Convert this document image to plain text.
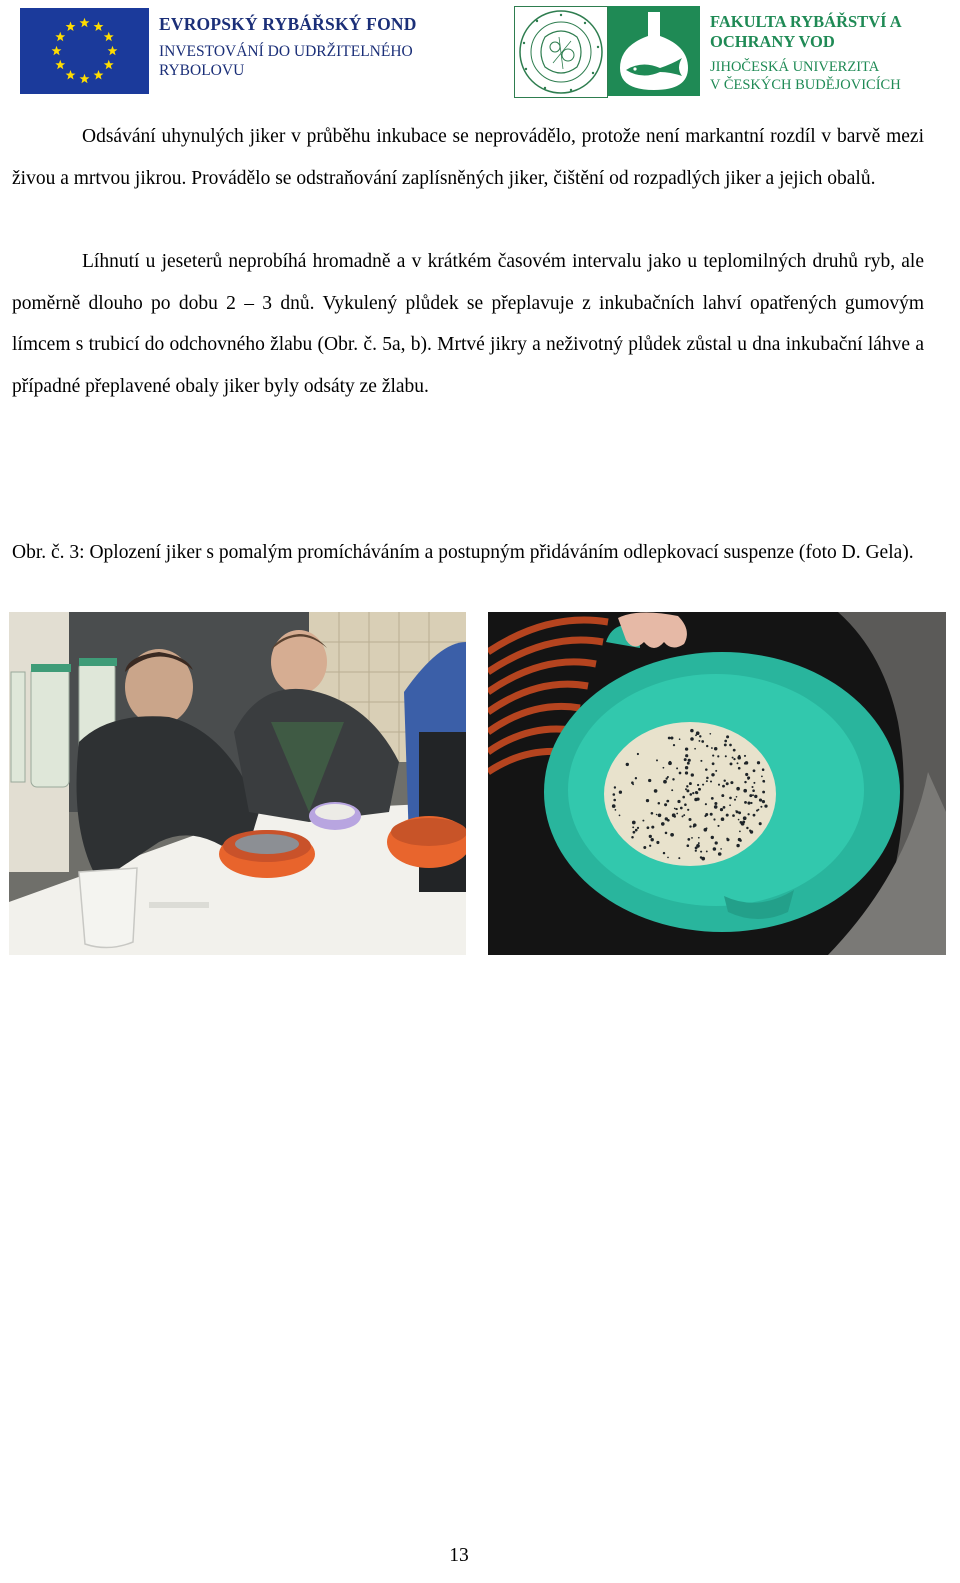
EVROPSKÝ RYBÁŘSKÝ FOND
INVESTOVÁNÍ DO UDRŽITELNÉHO
RYBOLOVU
FAKULTA RYBÁŘSTVÍ A
OCHRANY VOD
JIHOČESKÁ UNIVERZITA
V ČESKÝCH BUDĚJOVICÍCH

Odsávání uhynulých jiker v průběhu inkubace se neprovádělo, protože není markantní rozdíl v barvě mezi živou a mrtvou jikrou. Provádělo se odstraňování zaplísněných jiker, čištění od rozpadlých jiker a jejich obalů.

Líhnutí u jeseterů neprobíhá hromadně a v krátkém časovém intervalu jako u teplomilných druhů ryb, ale poměrně dlouho po dobu 2 – 3 dnů. Vykulený plůdek se přeplavuje z inkubačních lahví opatřených gumovým límcem s trubicí do odchovného žlabu (Obr. č. 5a, b). Mrtvé jikry a neživotný plůdek zůstal u dna inkubační láhve a případné přeplavené obaly jiker byly odsáty ze žlabu.

Obr. č. 3: Oplození jiker s pomalým promícháváním a postupným přidáváním odlepkovací suspenze (foto D. Gela).

13
